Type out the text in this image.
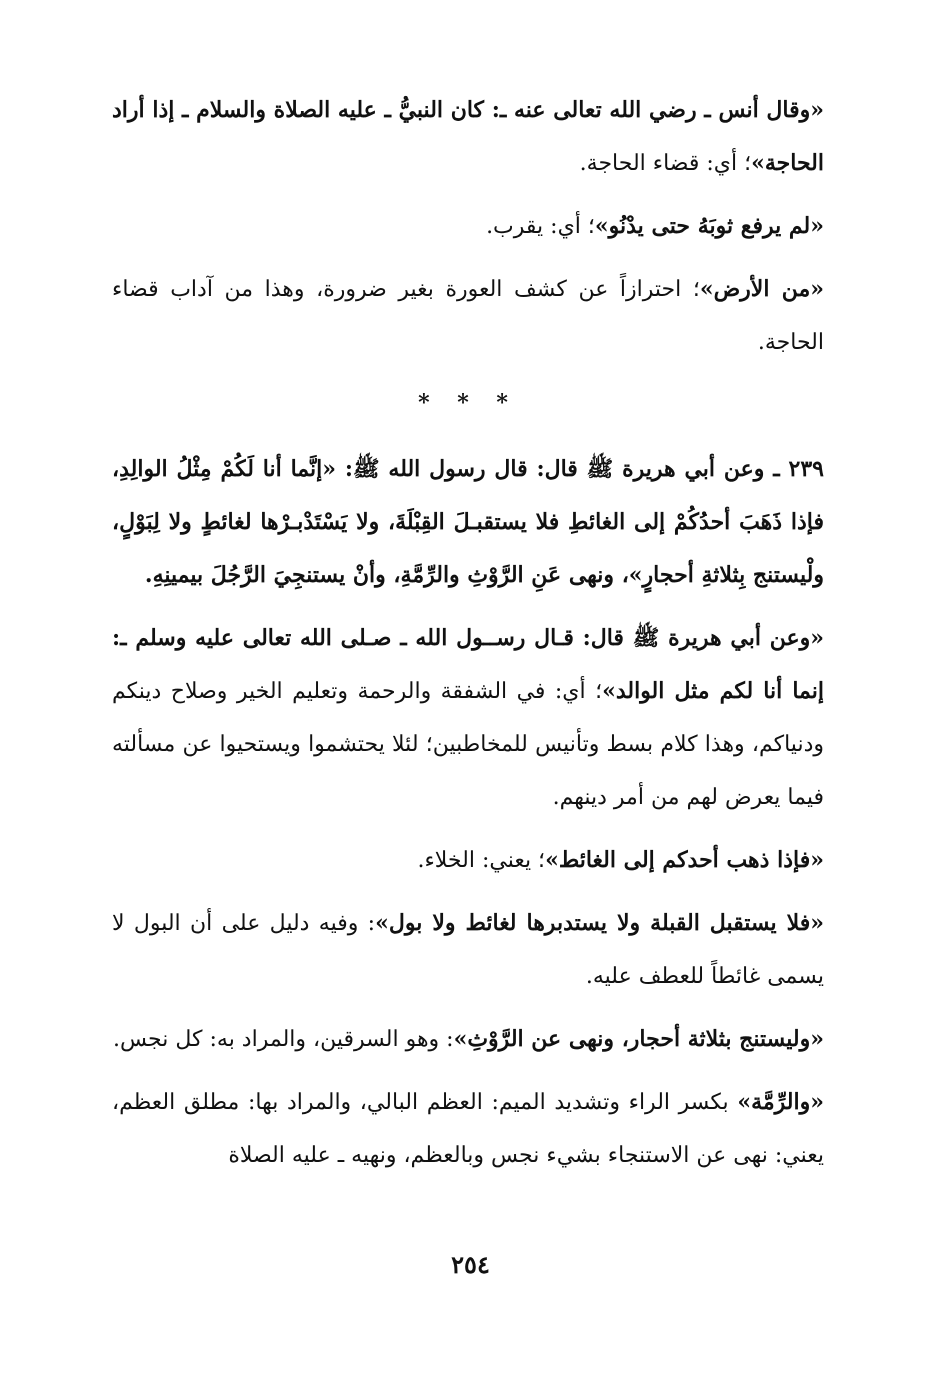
«وقال أنس ـ رضي الله تعالى عنه ـ: كان النبيُّ ـ عليه الصلاة والسلام ـ إذا أراد الحاجة»؛ أي: قضاء الحاجة.

«لم يرفع ثوبَهُ حتى يدْنُو»؛ أي: يقرب.

«من الأرض»؛ احترازاً عن كشف العورة بغير ضرورة، وهذا من آداب قضاء الحاجة.

* * *

٢٣٩ ـ وعن أبي هريرة ﷺ قال: قال رسول الله ﷺ: «إنَّما أنا لَكُمْ مِثْلُ الوالِدِ، فإذا ذَهَبَ أحدُكُمْ إلى الغائطِ فلا يستقبـلَ القِبْلَةَ، ولا يَسْتَدْبـرْها لغائطٍ ولا لِبَوْلٍ، ولْيستنج بِثلاثةِ أحجارٍ»، ونهى عَنِ الرَّوْثِ والرِّمَّةِ، وأنْ يستنجِيَ الرَّجُلَ بيمينِهِ.

«وعن أبي هريرة ﷺ قال: قـال رســول الله ـ صـلى الله تعالى عليه وسلم ـ: إنما أنا لكم مثل الوالد»؛ أي: في الشفقة والرحمة وتعليم الخير وصلاح دينكم ودنياكم، وهذا كلام بسط وتأنيس للمخاطبين؛ لئلا يحتشموا ويستحيوا عن مسألته فيما يعرض لهم من أمر دينهم.

«فإذا ذهب أحدكم إلى الغائط»؛ يعني: الخلاء.

«فلا يستقبل القبلة ولا يستدبرها لغائط ولا بول»: وفيه دليل على أن البول لا يسمى غائطاً للعطف عليه.

«وليستنج بثلاثة أحجار، ونهى عن الرَّوْثِ»: وهو السرقين، والمراد به: كل نجس.

«والرِّمَّة» بكسر الراء وتشديد الميم: العظم البالي، والمراد بها: مطلق العظم، يعني: نهى عن الاستنجاء بشيء نجس وبالعظم، ونهيه ـ عليه الصلاة

٢٥٤
